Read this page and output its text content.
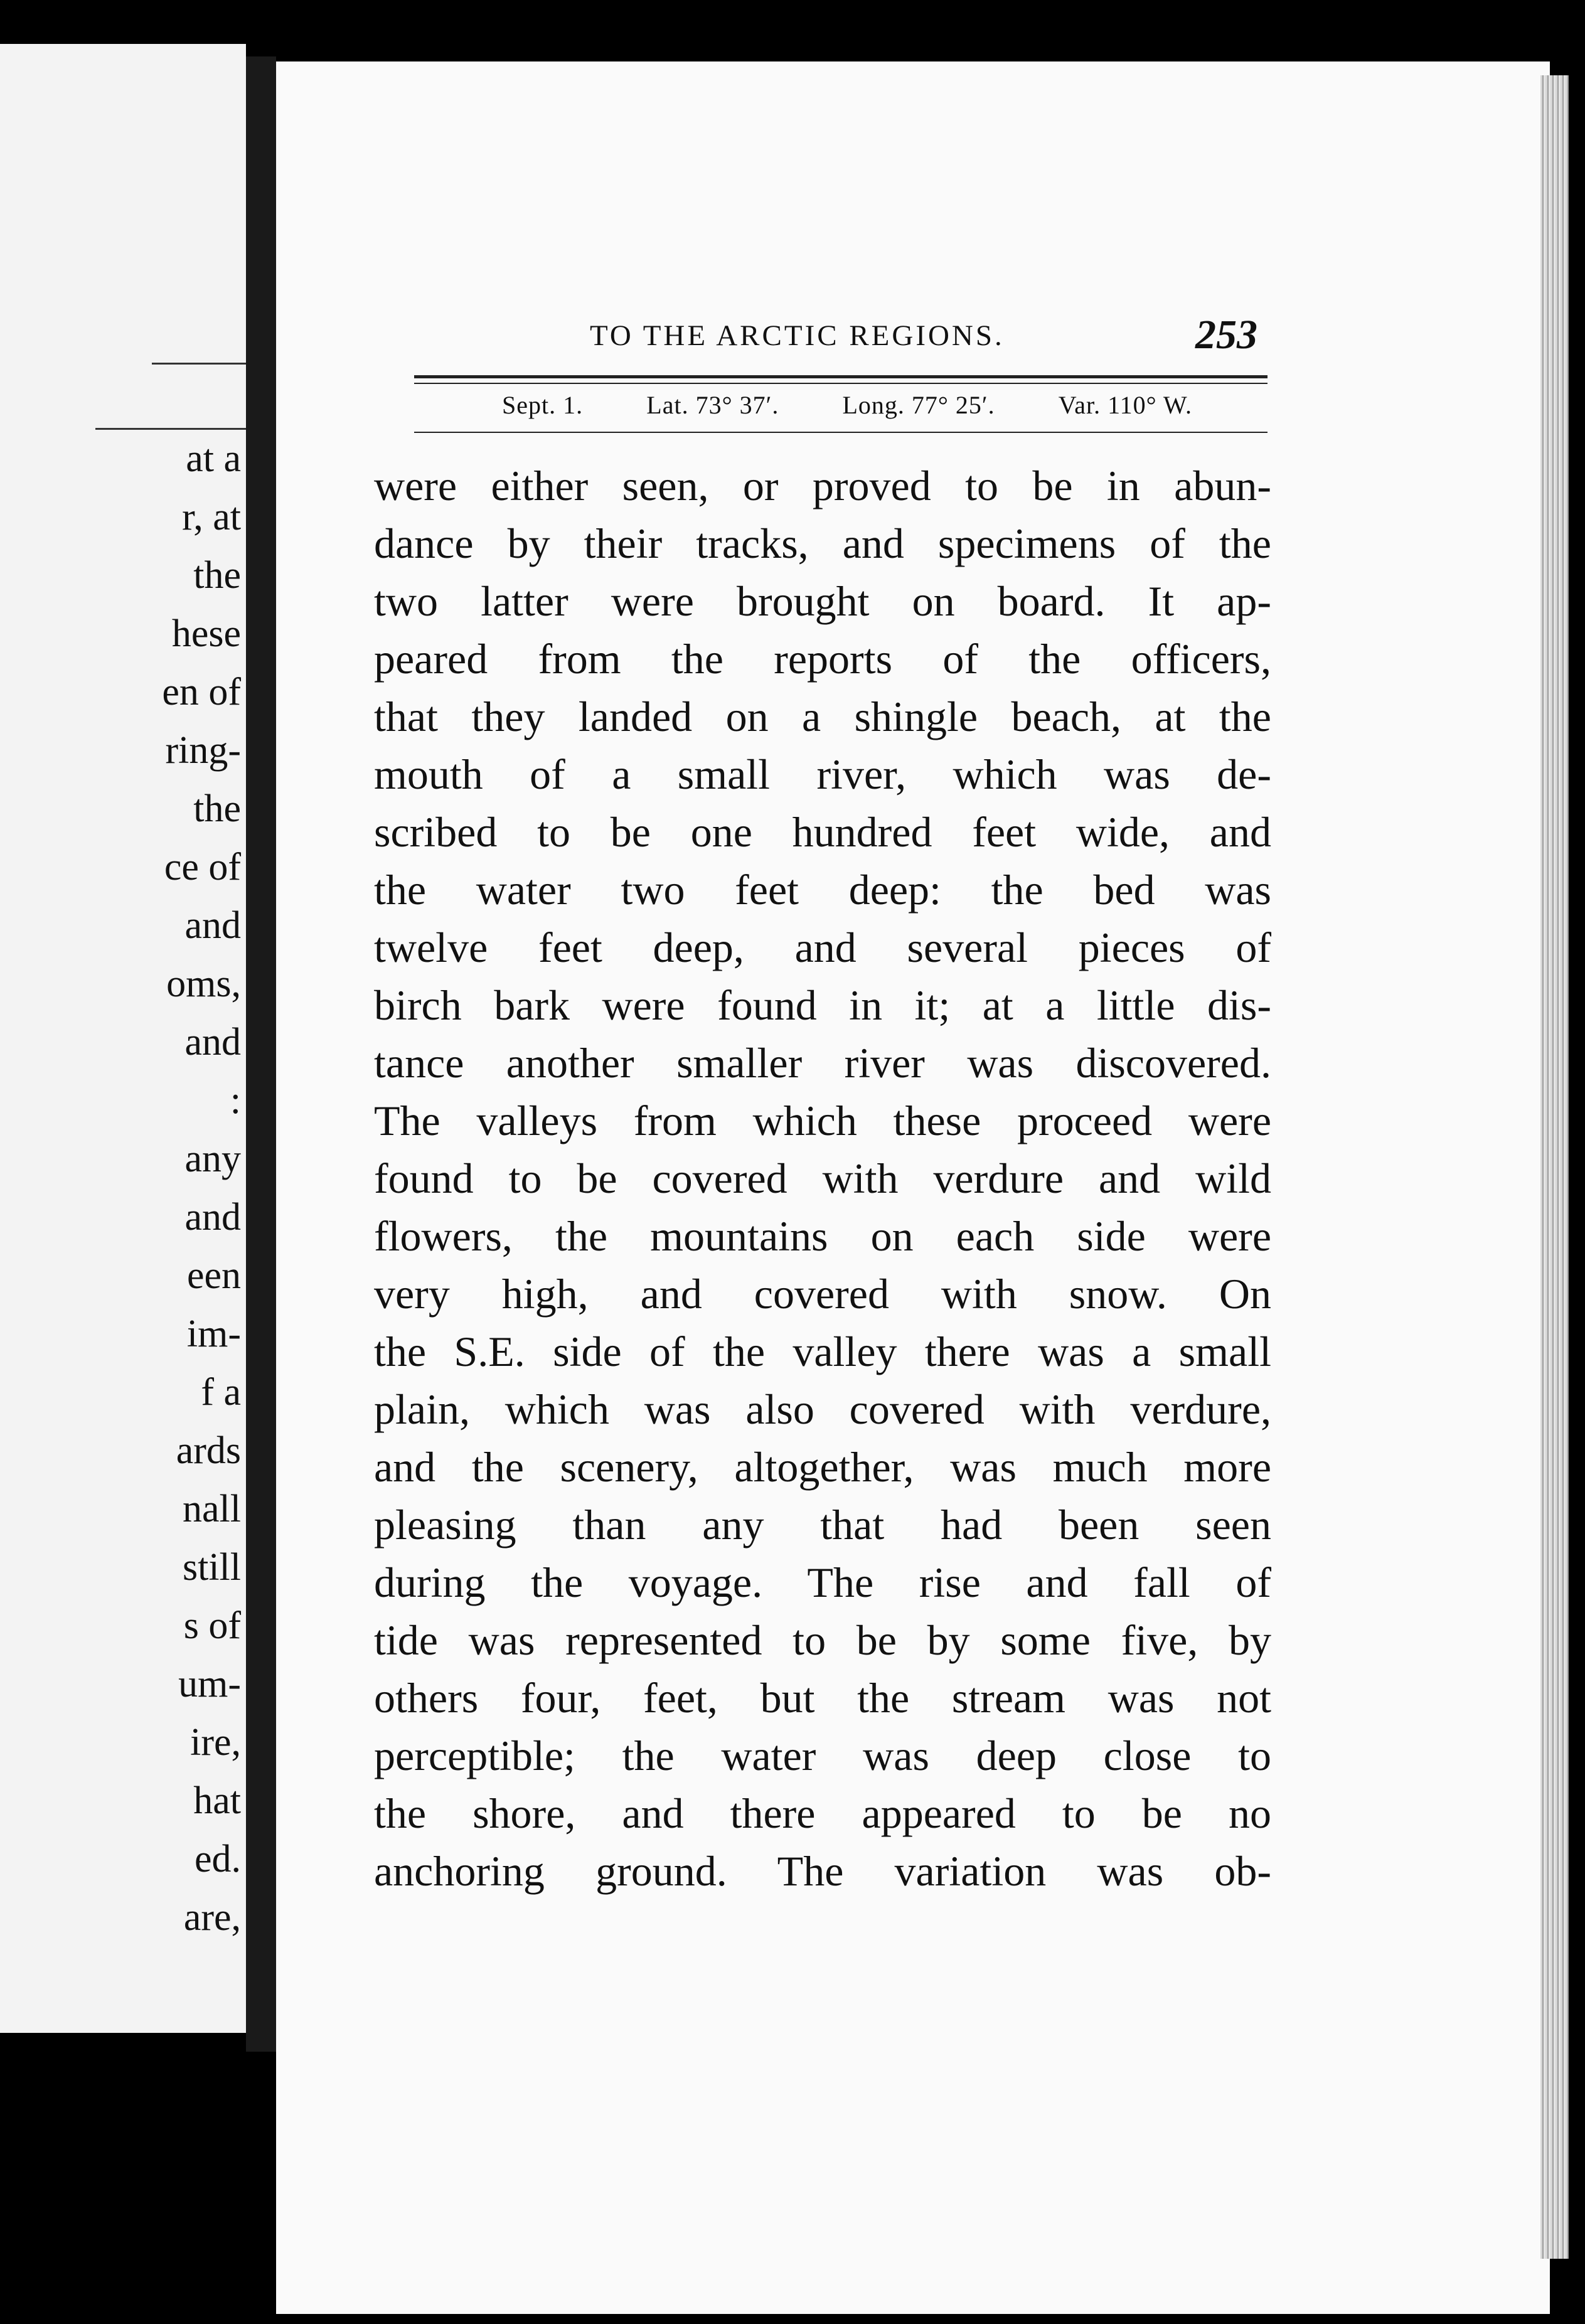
at a
r, at
the
hese
en of
ring-
the
ce of
and
oms,
and
:
any
and
een
im-
f a
ards
nall
still
s of
um-
ire,
hat
ed.
are,
TO THE ARCTIC REGIONS.	253
Sept. 1.	Lat. 73° 37′.	Long. 77° 25′.	Var. 110° W.
were either seen, or proved to be in abun-
dance by their tracks, and specimens of the
two latter were brought on board. It ap-
peared from the reports of the officers,
that they landed on a shingle beach, at the
mouth of a small river, which was de-
scribed to be one hundred feet wide, and
the water two feet deep: the bed was
twelve feet deep, and several pieces of
birch bark were found in it; at a little dis-
tance another smaller river was discovered.
The valleys from which these proceed were
found to be covered with verdure and wild
flowers, the mountains on each side were
very high, and covered with snow. On
the S.E. side of the valley there was a small
plain, which was also covered with verdure,
and the scenery, altogether, was much more
pleasing than any that had been seen
during the voyage. The rise and fall of
tide was represented to be by some five, by
others four, feet, but the stream was not
perceptible; the water was deep close to
the shore, and there appeared to be no
anchoring ground. The variation was ob-
